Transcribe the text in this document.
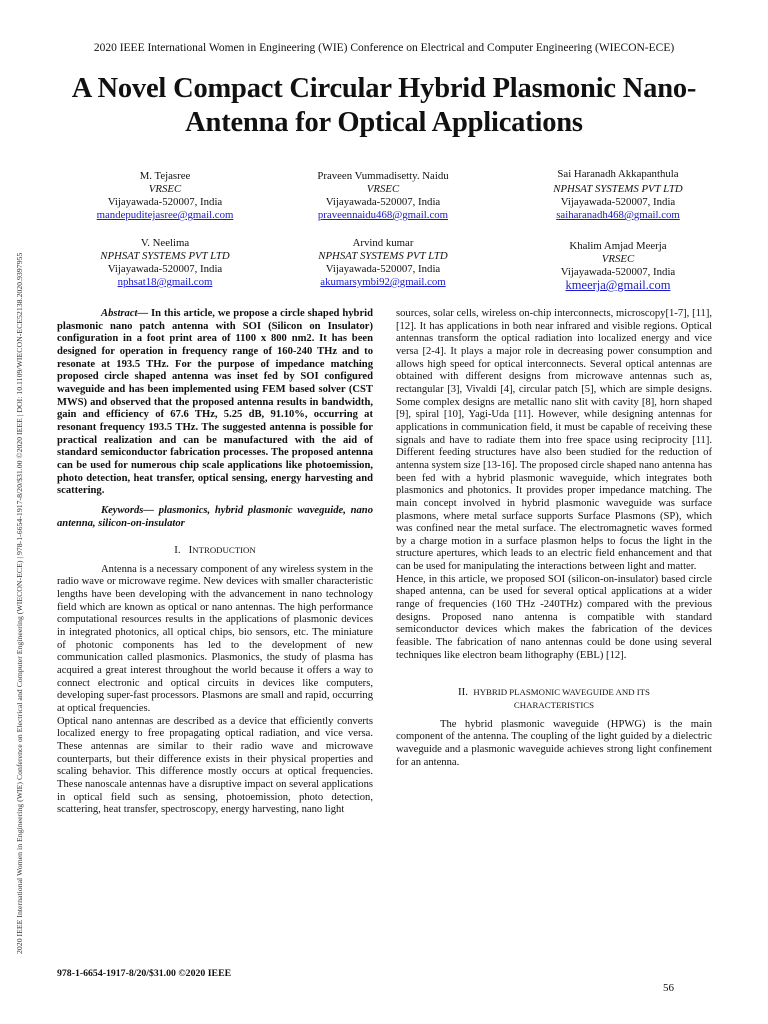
2020 IEEE International Women in Engineering (WIE) Conference on Electrical and Computer Engineering (WIECON-ECE)
2020 IEEE International Women in Engineering (WIE) Conference on Electrical and Computer Engineering (WIECON-ECE) | 978-1-6654-1917-8/20/$31.00 ©2020 IEEE | DOI: 10.1109/WIECON-ECE52138.2020.9397955
A Novel Compact Circular Hybrid Plasmonic Nano-
Antenna for Optical Applications
M. Tejasree
VRSEC
Vijayawada-520007, India
mandepuditejasree@gmail.com
Praveen Vummadisetty. Naidu
VRSEC
Vijayawada-520007, India
praveennaidu468@gmail.com
Sai Haranadh Akkapanthula
NPHSAT SYSTEMS PVT LTD
Vijayawada-520007, India
saiharanadh468@gmail.com
V. Neelima
NPHSAT SYSTEMS PVT LTD
Vijayawada-520007, India
nphsat18@gmail.com
Arvind kumar
NPHSAT SYSTEMS PVT LTD
Vijayawada-520007, India
akumarsymbi92@gmail.com
Khalim Amjad Meerja
VRSEC
Vijayawada-520007, India
kmeerja@gmail.com

Abstract— In this article, we propose a circle shaped hybrid plasmonic nano patch antenna with SOI (Silicon on Insulator) configuration in a foot print area of 1100 x 800 nm2. It has been designed for operation in frequency range of 160-240 THz and to resonate at 193.5 THz. For the purpose of impedance matching proposed circle shaped antenna was inset fed by SOI configured waveguide and has been implemented using FEM based solver (CST MWS) and observed that the proposed antenna results in bandwidth, gain and efficiency of 67.6 THz, 5.25 dB, 91.10%, occurring at resonant frequency 193.5 THz. The suggested antenna is possible for practical realization and can be manufactured with the aid of standard semiconductor fabrication processes. The proposed antenna can be used for numerous chip scale applications like photoemission, photo detection, heat transfer, optical sensing, energy harvesting and scattering.

Keywords— plasmonics, hybrid plasmonic waveguide, nano antenna, silicon-on-insulator

I. INTRODUCTION

Antenna is a necessary component of any wireless system in the radio wave or microwave regime. New devices with smaller characteristic lengths have been developing with the advancement in nano technology field which are known as optical or nano antennas. The high performance computational resources results in the applications of plasmonic devices in integrated photonics, all optical chips, bio sensors, etc. The miniature of photonic components has led to the development of new communication called plasmonics. Plasmonics, the study of plasma has acquired a great interest throughout the world because it offers a way to connect electronic and optical circuits in devices like computers, developing super-fast processors. Plasmons are small and rapid, occurring at optical frequencies.

Optical nano antennas are described as a device that efficiently converts localized energy to free propagating optical radiation, and vice versa. These antennas are similar to their radio wave and microwave counterparts, but their difference exists in their physical properties and scaling behavior. This difference mostly occurs at optical frequencies. These nanoscale antennas have a disruptive impact on several applications in optical field such as sensing, photoemission, photo detection, scattering, heat transfer, spectroscopy, energy harvesting, nano light

sources, solar cells, wireless on-chip interconnects, microscopy[1-7], [11], [12]. It has applications in both near infrared and visible regions. Optical antennas transform the optical radiation into localized energy and vice versa [2-4]. It plays a major role in decreasing power consumption and allows high speed for optical interconnects. Several optical antennas are obtained with different designs from microwave antennas such as, rectangular [3], Vivaldi [4], circular patch [5], which are simple designs. Some complex designs are metallic nano slit with cavity [8], horn shaped [9], spiral [10], Yagi-Uda [11]. However, while designing antennas for applications in communication field, it must be capable of receiving these signals and have to radiate them into free space using reciprocity [11]. Different feeding structures have also been studied for the reduction of antenna system size [13-16]. The proposed circle shaped nano antenna has been fed with a hybrid plasmonic waveguide, which integrates both plasmonics and photonics. It provides proper impedance matching. The main concept involved in hybrid plasmonic waveguide was surface plasmons, where metal surface supports Surface Plasmons (SP), which was confined near the metal surface. The electromagnetic waves formed by a charge motion in a surface plasmon helps to focus the light in the structure apertures, which leads to an electric field enhancement and that can be used for manipulating the interactions between light and matter.

Hence, in this article, we proposed SOI (silicon-on-insulator) based circle shaped antenna, can be used for several optical applications at a wider range of frequencies (160 THz -240THz) compared with the previous designs. Proposed nano antenna is compatible with standard semiconductor devices which makes the fabrication of the devices feasible. The fabrication of nano antennas could be done using several techniques like electron beam lithography (EBL) [12].

II. HYBRID PLASMONIC WAVEGUIDE AND ITS
CHARACTERISTICS

The hybrid plasmonic waveguide (HPWG) is the main component of the antenna. The coupling of the light guided by a dielectric waveguide and a plasmonic waveguide achieves strong light confinement for an antenna.

978-1-6654-1917-8/20/$31.00 ©2020 IEEE
56
